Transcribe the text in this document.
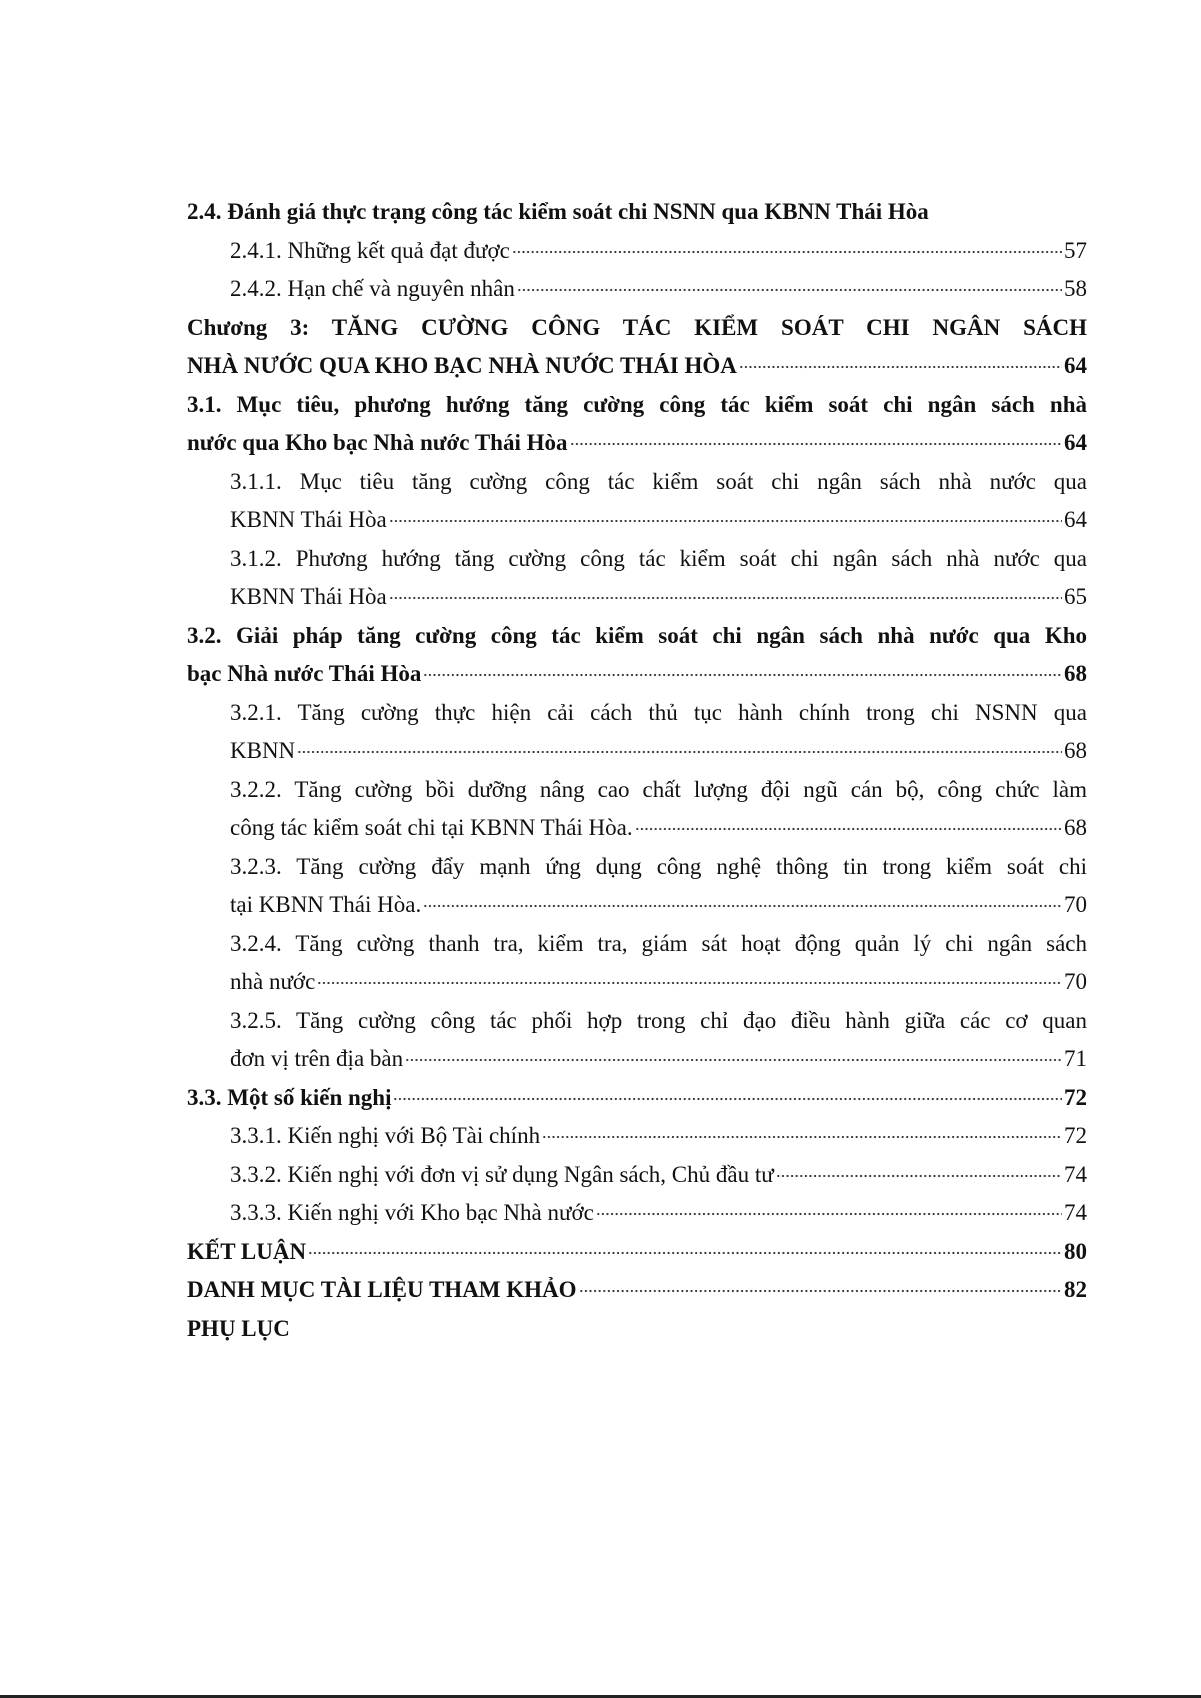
2.4. Đánh giá thực trạng công tác kiểm soát chi NSNN qua KBNN Thái Hòa
2.4.1. Những kết quả đạt được	57
2.4.2. Hạn chế và nguyên nhân	58
Chương 3: TĂNG CƯỜNG CÔNG TÁC KIỂM SOÁT CHI NGÂN SÁCH
NHÀ NƯỚC QUA KHO BẠC NHÀ NƯỚC THÁI HÒA	64
3.1. Mục tiêu, phương hướng tăng cường công tác kiểm soát chi ngân sách nhà
nước qua Kho bạc Nhà nước Thái Hòa	64
3.1.1. Mục tiêu tăng cường công tác kiểm soát chi ngân sách nhà nước qua
KBNN Thái Hòa	64
3.1.2. Phương hướng tăng cường công tác kiểm soát chi ngân sách nhà nước qua
KBNN Thái Hòa	65
3.2. Giải pháp tăng cường công tác kiểm soát chi ngân sách nhà nước qua Kho
bạc Nhà nước Thái Hòa	68
3.2.1. Tăng cường thực hiện cải cách thủ tục hành chính trong chi NSNN qua
KBNN	68
3.2.2. Tăng cường bồi dưỡng nâng cao chất lượng đội ngũ cán bộ, công chức làm
công tác kiểm soát chi tại KBNN Thái Hòa.	68
3.2.3. Tăng cường đẩy mạnh ứng dụng công nghệ thông tin trong kiểm soát chi
tại KBNN Thái Hòa.	70
3.2.4. Tăng cường thanh tra, kiểm tra, giám sát hoạt động quản lý chi ngân sách
nhà nước	70
3.2.5. Tăng cường công tác phối hợp trong chỉ đạo điều hành giữa các cơ quan
đơn vị trên địa bàn	71
3.3. Một số kiến nghị	72
3.3.1. Kiến nghị với Bộ Tài chính	72
3.3.2. Kiến nghị với đơn vị sử dụng Ngân sách, Chủ đầu tư	74
3.3.3. Kiến nghị với Kho bạc Nhà nước	74
KẾT LUẬN	80
DANH MỤC TÀI LIỆU THAM KHẢO	82
PHỤ LỤC
